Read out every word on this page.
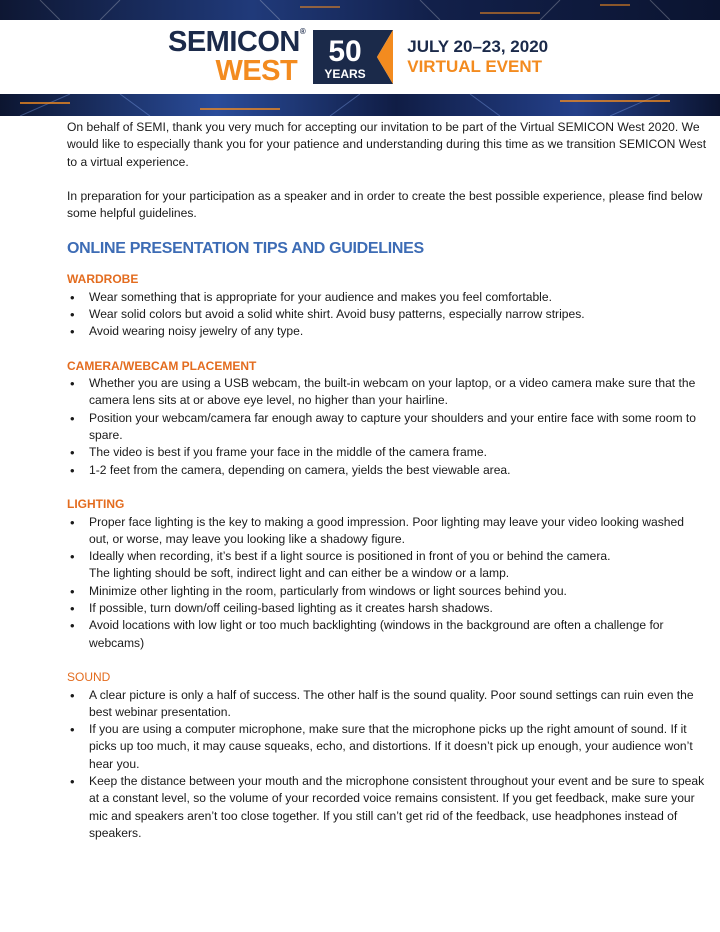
SEMICON®
WEST
50
YEARS
JULY 20–23, 2020
VIRTUAL EVENT

On behalf of SEMI, thank you very much for accepting our invitation to be part of the Virtual SEMICON West 2020. We would like to especially thank you for your patience and understanding during this time as we transition SEMICON West to a virtual experience.

In preparation for your participation as a speaker and in order to create the best possible experience, please find below some helpful guidelines.

ONLINE PRESENTATION TIPS AND GUIDELINES
WARDROBE
• Wear something that is appropriate for your audience and makes you feel comfortable.
• Wear solid colors but avoid a solid white shirt. Avoid busy patterns, especially narrow stripes.
• Avoid wearing noisy jewelry of any type.
CAMERA/WEBCAM PLACEMENT
• Whether you are using a USB webcam, the built-in webcam on your laptop, or a video camera make sure that the camera lens sits at or above eye level, no higher than your hairline.
• Position your webcam/camera far enough away to capture your shoulders and your entire face with some room to spare.
• The video is best if you frame your face in the middle of the camera frame.
• 1-2 feet from the camera, depending on camera, yields the best viewable area.
LIGHTING
• Proper face lighting is the key to making a good impression. Poor lighting may leave your video looking washed out, or worse, may leave you looking like a shadowy figure.
• Ideally when recording, it’s best if a light source is positioned in front of you or behind the camera.
The lighting should be soft, indirect light and can either be a window or a lamp.
• Minimize other lighting in the room, particularly from windows or light sources behind you.
• If possible, turn down/off ceiling-based lighting as it creates harsh shadows.
• Avoid locations with low light or too much backlighting (windows in the background are often a challenge for webcams)
SOUND
• A clear picture is only a half of success. The other half is the sound quality. Poor sound settings can ruin even the best webinar presentation.
• If you are using a computer microphone, make sure that the microphone picks up the right amount of sound. If it picks up too much, it may cause squeaks, echo, and distortions. If it doesn’t pick up enough, your audience won’t hear you.
• Keep the distance between your mouth and the microphone consistent throughout your event and be sure to speak at a constant level, so the volume of your recorded voice remains consistent. If you get feedback, make sure your mic and speakers aren’t too close together. If you still can’t get rid of the feedback, use headphones instead of speakers.
